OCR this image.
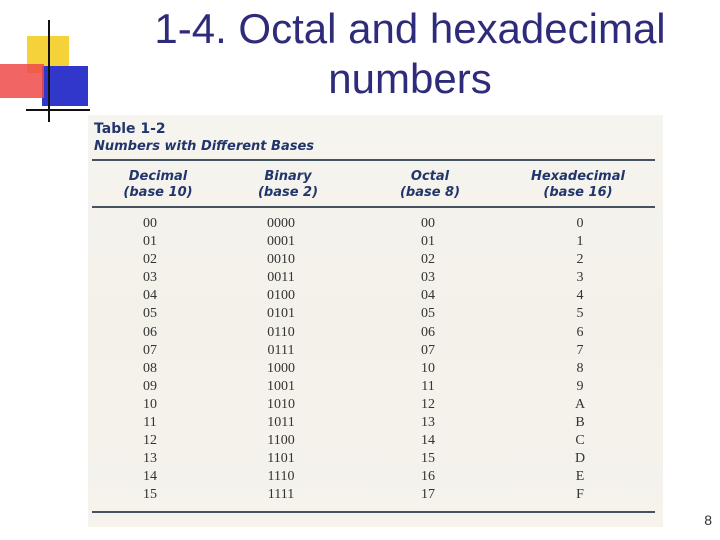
1-4. Octal and hexadecimal
numbers
Table 1-2
Numbers with Different Bases
Decimal
(base 10)
Binary
(base 2)
Octal
(base 8)
Hexadecimal
(base 16)
00
01
02
03
04
05
06
07
08
09
10
11
12
13
14
15
0000
0001
0010
0011
0100
0101
0110
0111
1000
1001
1010
1011
1100
1101
1110
1111
00
01
02
03
04
05
06
07
10
11
12
13
14
15
16
17
0
1
2
3
4
5
6
7
8
9
A
B
C
D
E
F
8
